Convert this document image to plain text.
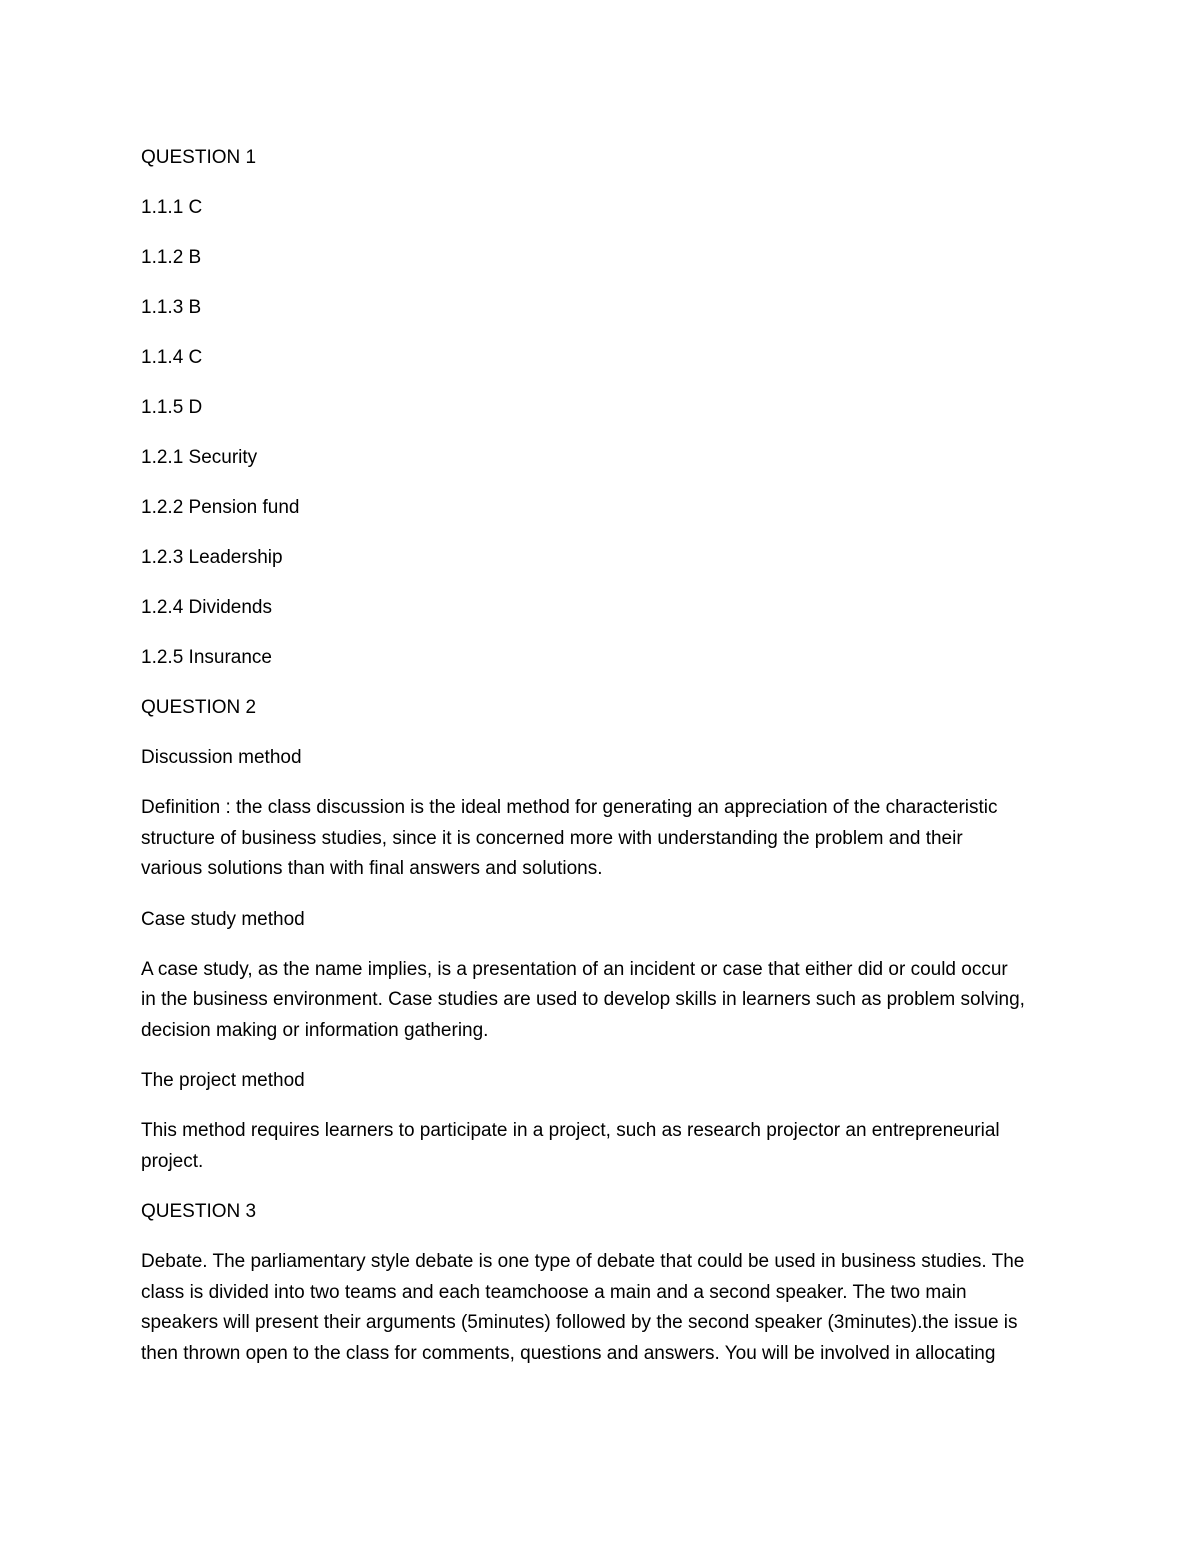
QUESTION 1

1.1.1 C

1.1.2 B

1.1.3 B

1.1.4 C

1.1.5 D

1.2.1 Security

1.2.2 Pension fund

1.2.3 Leadership

1.2.4 Dividends

1.2.5 Insurance

QUESTION 2

Discussion method

Definition : the class discussion is the ideal method for generating an appreciation of the characteristic
structure of business studies, since it is concerned more with understanding the problem and their
various solutions than with final answers and solutions.

Case study method

A case study, as the name implies, is a presentation of an incident or case that either did or could occur
in the business environment. Case studies are used to develop skills in learners such as problem solving,
decision making or information gathering.

The project method

This method requires learners to participate in a project, such as research projector an entrepreneurial
project.

QUESTION 3

Debate. The parliamentary style debate is one type of debate that could be used in business studies. The
class is divided into two teams and each teamchoose a main and a second speaker. The two main
speakers will present their arguments (5minutes) followed by the second speaker (3minutes).the issue is
then thrown open to the class for comments, questions and answers. You will be involved in allocating
